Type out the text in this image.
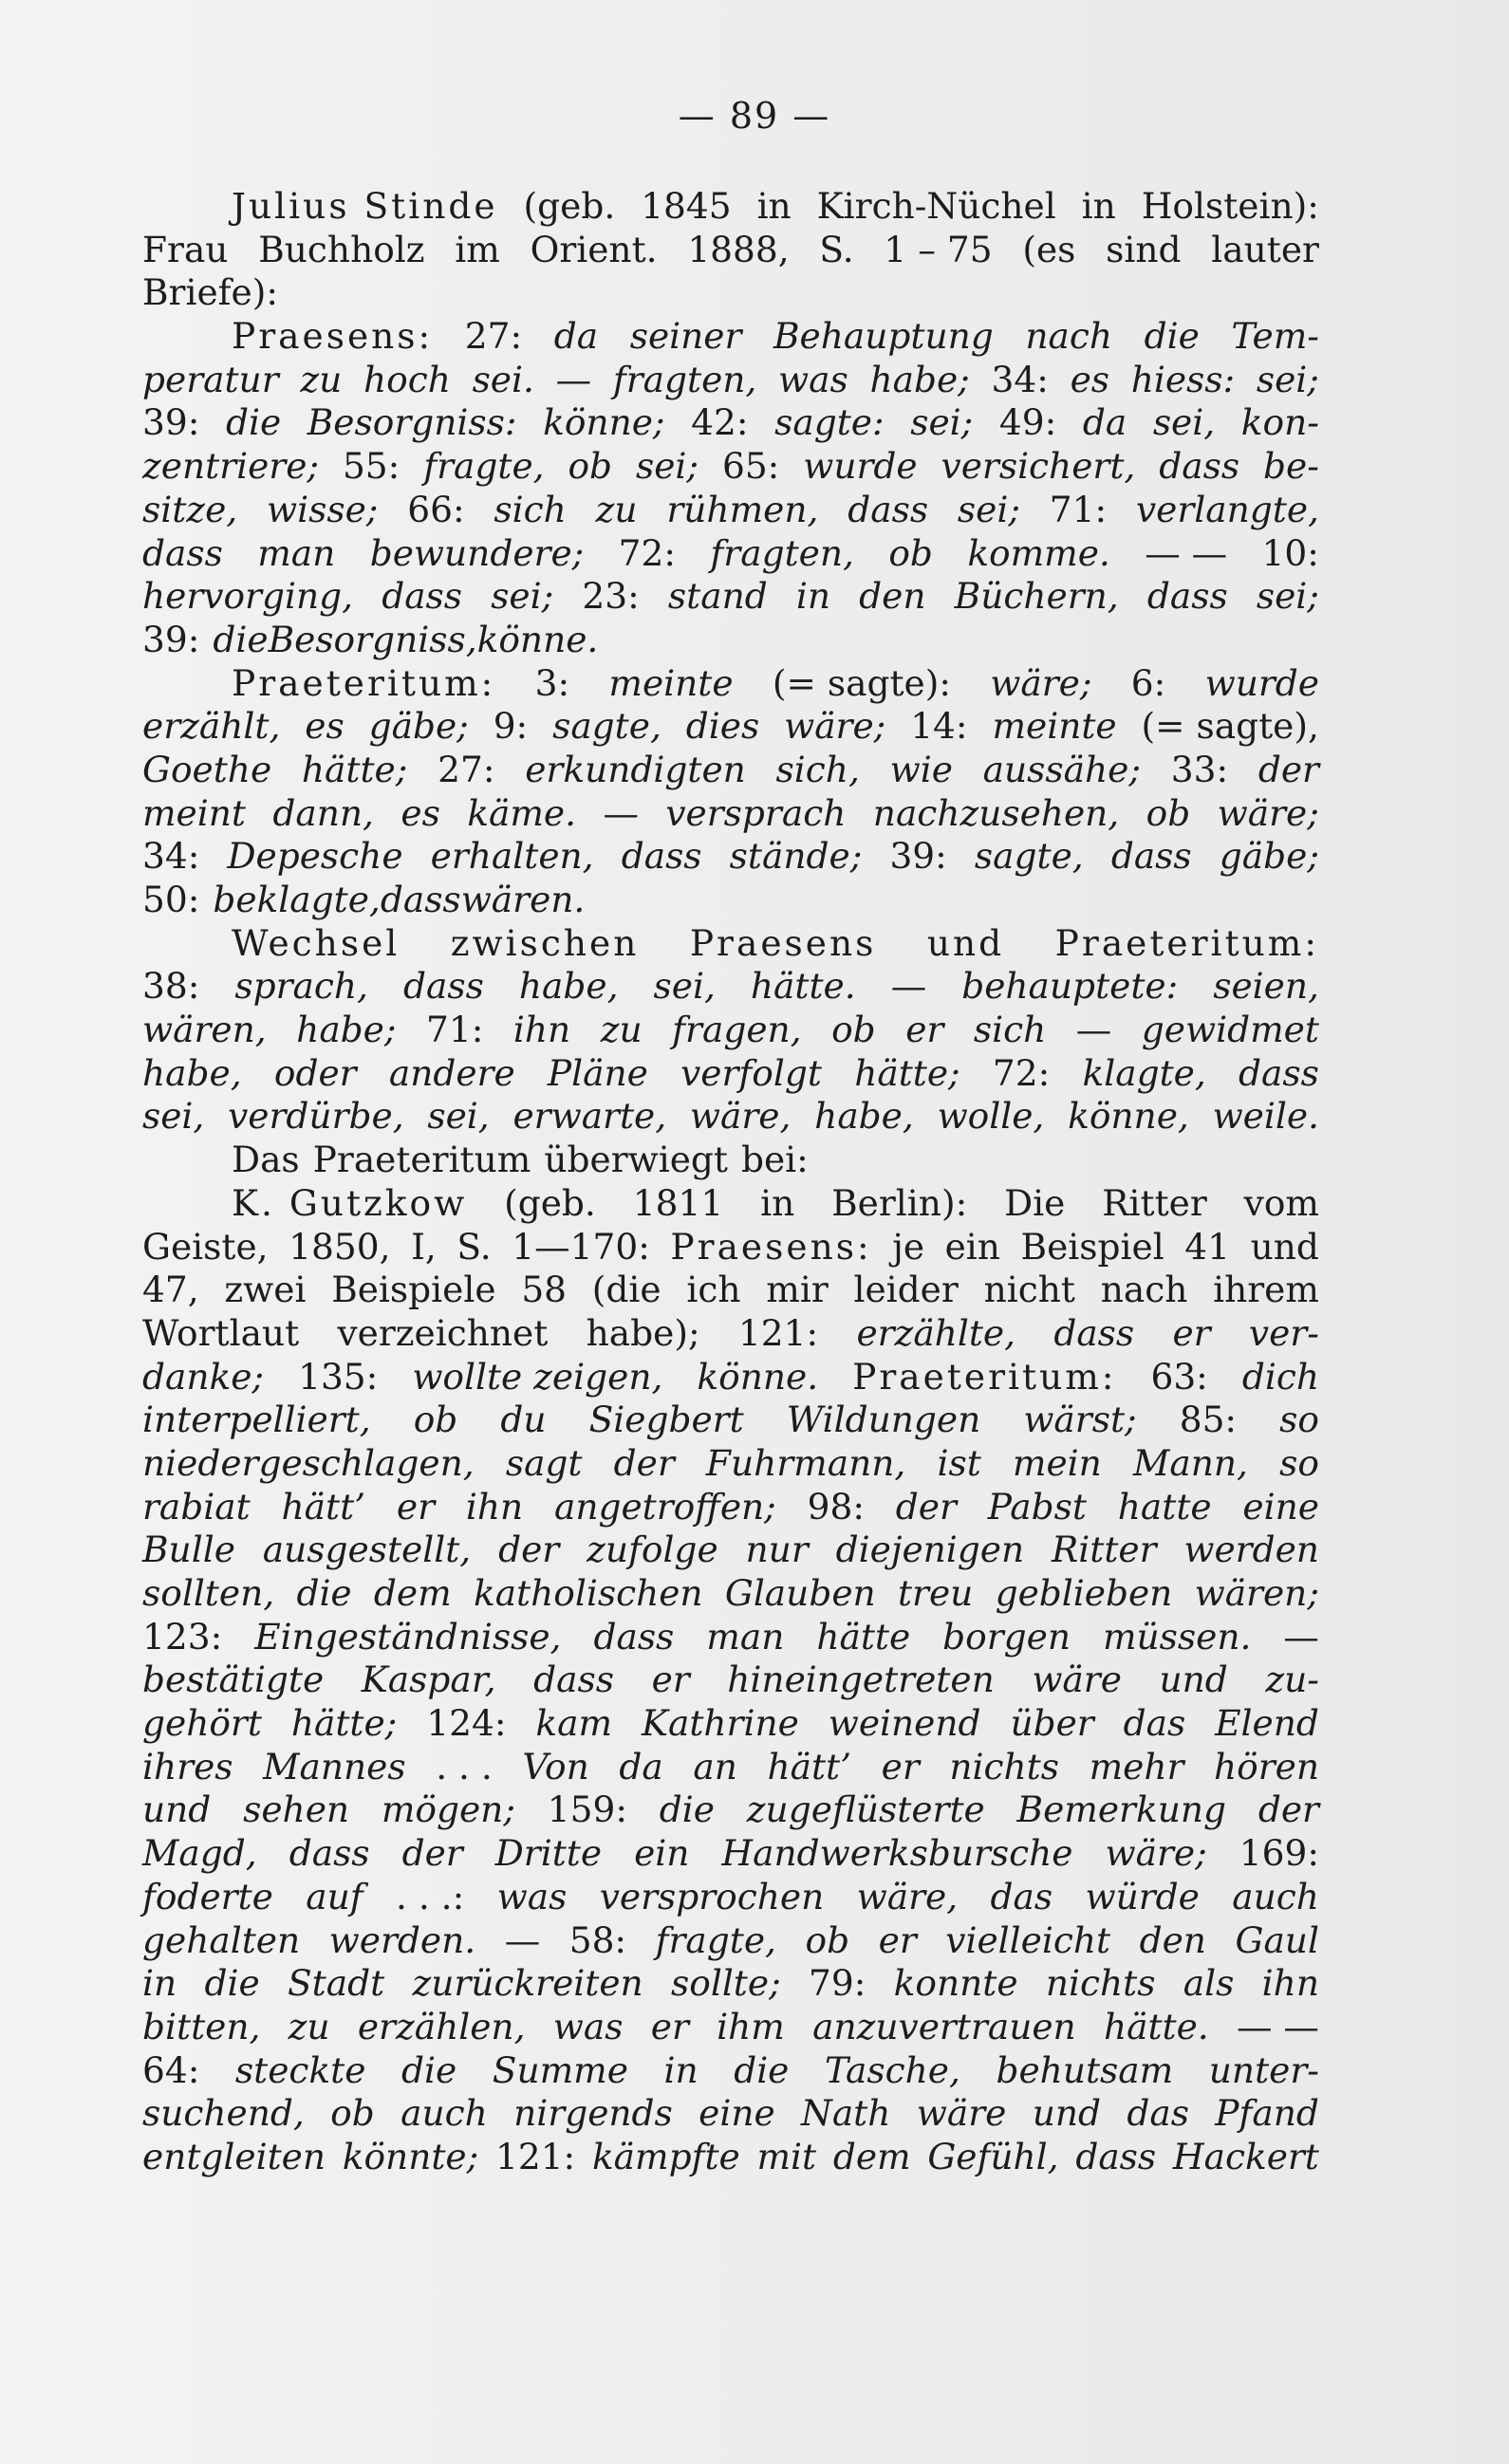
— 89 —
Julius Stinde (geb. 1845 in Kirch-Nüchel in Holstein):
Frau Buchholz im Orient. 1888, S. 1 – 75 (es sind lauter
Briefe):
Praesens: 27: da seiner Behauptung nach die Tem-
peratur zu hoch sei. — fragten, was habe; 34: es hiess: sei;
39: die Besorgniss: könne; 42: sagte: sei; 49: da sei, kon-
zentriere; 55: fragte, ob sei; 65: wurde versichert, dass be-
sitze, wisse; 66: sich zu rühmen, dass sei; 71: verlangte,
dass man bewundere; 72: fragten, ob komme. — — 10:
hervorging, dass sei; 23: stand in den Büchern, dass sei;
39: die Besorgniss, könne.
Praeteritum: 3: meinte (= sagte): wäre; 6: wurde
erzählt, es gäbe; 9: sagte, dies wäre; 14: meinte (= sagte),
Goethe hätte; 27: erkundigten sich, wie aussähe; 33: der
meint dann, es käme. — versprach nachzusehen, ob wäre;
34: Depesche erhalten, dass stände; 39: sagte, dass gäbe;
50: beklagte, dass wären.
Wechsel zwischen Praesens und Praeteritum:
38: sprach, dass habe, sei, hätte. — behauptete: seien,
wären, habe; 71: ihn zu fragen, ob er sich — gewidmet
habe, oder andere Pläne verfolgt hätte; 72: klagte, dass
sei, verdürbe, sei, erwarte, wäre, habe, wolle, könne, weile.
Das Praeteritum überwiegt bei:
K. Gutzkow (geb. 1811 in Berlin): Die Ritter vom
Geiste, 1850, I, S. 1—170: Praesens: je ein Beispiel 41 und
47, zwei Beispiele 58 (die ich mir leider nicht nach ihrem
Wortlaut verzeichnet habe); 121: erzählte, dass er ver-
danke; 135: wollte zeigen, könne. Praeteritum: 63: dich
interpelliert, ob du Siegbert Wildungen wärst; 85: so
niedergeschlagen, sagt der Fuhrmann, ist mein Mann, so
rabiat hätt’ er ihn angetroffen; 98: der Pabst hatte eine
Bulle ausgestellt, der zufolge nur diejenigen Ritter werden
sollten, die dem katholischen Glauben treu geblieben wären;
123: Eingeständnisse, dass man hätte borgen müssen. —
bestätigte Kaspar, dass er hineingetreten wäre und zu-
gehört hätte; 124: kam Kathrine weinend über das Elend
ihres Mannes . . . Von da an hätt’ er nichts mehr hören
und sehen mögen; 159: die zugeflüsterte Bemerkung der
Magd, dass der Dritte ein Handwerksbursche wäre; 169:
foderte auf . . .: was versprochen wäre, das würde auch
gehalten werden. — 58: fragte, ob er vielleicht den Gaul
in die Stadt zurückreiten sollte; 79: konnte nichts als ihn
bitten, zu erzählen, was er ihm anzuvertrauen hätte. — —
64: steckte die Summe in die Tasche, behutsam unter-
suchend, ob auch nirgends eine Nath wäre und das Pfand
entgleiten könnte; 121: kämpfte mit dem Gefühl, dass Hackert
